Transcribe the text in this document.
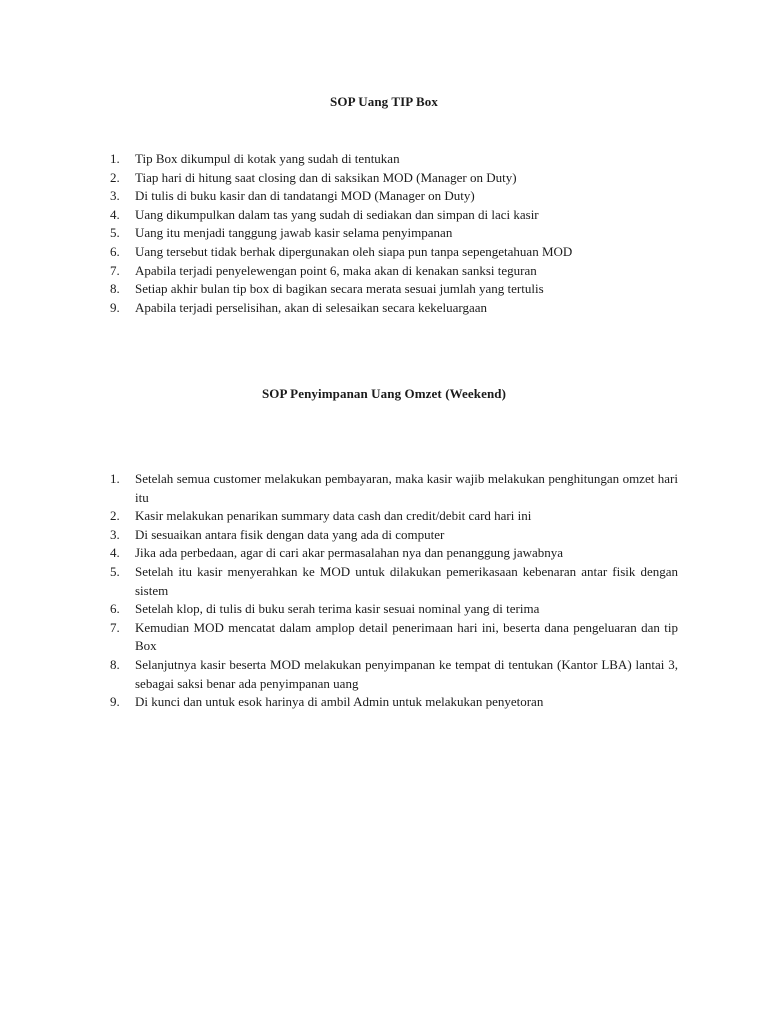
SOP Uang TIP Box
1. Tip Box dikumpul di kotak yang sudah di tentukan
2. Tiap hari di hitung saat closing dan di saksikan MOD (Manager on Duty)
3. Di tulis di buku kasir dan di tandatangi MOD (Manager on Duty)
4. Uang dikumpulkan dalam tas yang sudah di sediakan dan simpan di laci kasir
5. Uang itu menjadi tanggung jawab kasir selama penyimpanan
6. Uang tersebut tidak berhak dipergunakan oleh siapa pun tanpa sepengetahuan MOD
7. Apabila terjadi penyelewengan point 6, maka akan di kenakan sanksi teguran
8. Setiap akhir bulan tip box di bagikan secara merata sesuai jumlah yang tertulis
9. Apabila terjadi perselisihan, akan di selesaikan secara kekeluargaan
SOP Penyimpanan Uang Omzet (Weekend)
1. Setelah semua customer melakukan pembayaran, maka kasir wajib melakukan penghitungan omzet hari itu
2. Kasir melakukan penarikan summary data cash dan credit/debit card hari ini
3. Di sesuaikan antara fisik dengan data yang ada di computer
4. Jika ada perbedaan, agar di cari akar permasalahan nya dan penanggung jawabnya
5. Setelah itu kasir menyerahkan ke MOD untuk dilakukan pemerikasaan kebenaran antar fisik dengan sistem
6. Setelah klop, di tulis di buku serah terima kasir sesuai nominal yang di terima
7. Kemudian MOD mencatat dalam amplop detail penerimaan hari ini, beserta dana pengeluaran dan tip Box
8. Selanjutnya kasir beserta MOD melakukan penyimpanan ke tempat di tentukan (Kantor LBA) lantai 3, sebagai saksi benar ada penyimpanan uang
9. Di kunci dan untuk esok harinya di ambil Admin untuk melakukan penyetoran
